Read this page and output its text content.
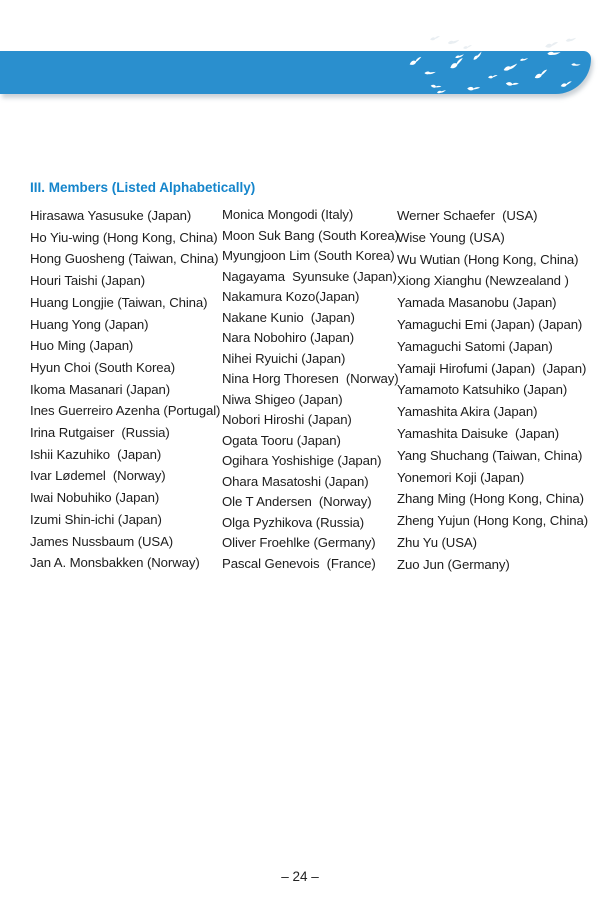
III. Members (Listed Alphabetically)
Hirasawa Yasusuke (Japan)
Ho Yiu-wing (Hong Kong, China)
Hong Guosheng (Taiwan, China)
Houri Taishi (Japan)
Huang Longjie (Taiwan, China)
Huang Yong (Japan)
Huo Ming (Japan)
Hyun Choi (South Korea)
Ikoma Masanari (Japan)
Ines Guerreiro Azenha (Portugal)
Irina Rutgaiser  (Russia)
Ishii Kazuhiko  (Japan)
Ivar Lødemel  (Norway)
Iwai Nobuhiko (Japan)
Izumi Shin-ichi (Japan)
James Nussbaum (USA)
Jan A. Monsbakken (Norway)
Monica Mongodi (Italy)
Moon Suk Bang (South Korea)
Myungjoon Lim (South Korea)
Nagayama  Syunsuke (Japan)
Nakamura Kozo(Japan)
Nakane Kunio  (Japan)
Nara Nobohiro (Japan)
Nihei Ryuichi (Japan)
Nina Horg Thoresen  (Norway)
Niwa Shigeo (Japan)
Nobori Hiroshi (Japan)
Ogata Tooru (Japan)
Ogihara Yoshishige (Japan)
Ohara Masatoshi (Japan)
Ole T Andersen  (Norway)
Olga Pyzhikova (Russia)
Oliver Froehlke (Germany)
Pascal Genevois  (France)
Werner Schaefer  (USA)
Wise Young (USA)
Wu Wutian (Hong Kong, China)
Xiong Xianghu (Newzealand )
Yamada Masanobu (Japan)
Yamaguchi Emi (Japan) (Japan)
Yamaguchi Satomi (Japan)
Yamaji Hirofumi (Japan)  (Japan)
Yamamoto Katsuhiko (Japan)
Yamashita Akira (Japan)
Yamashita Daisuke  (Japan)
Yang Shuchang (Taiwan, China)
Yonemori Koji (Japan)
Zhang Ming (Hong Kong, China)
Zheng Yujun (Hong Kong, China)
Zhu Yu (USA)
Zuo Jun (Germany)
– 24 –
